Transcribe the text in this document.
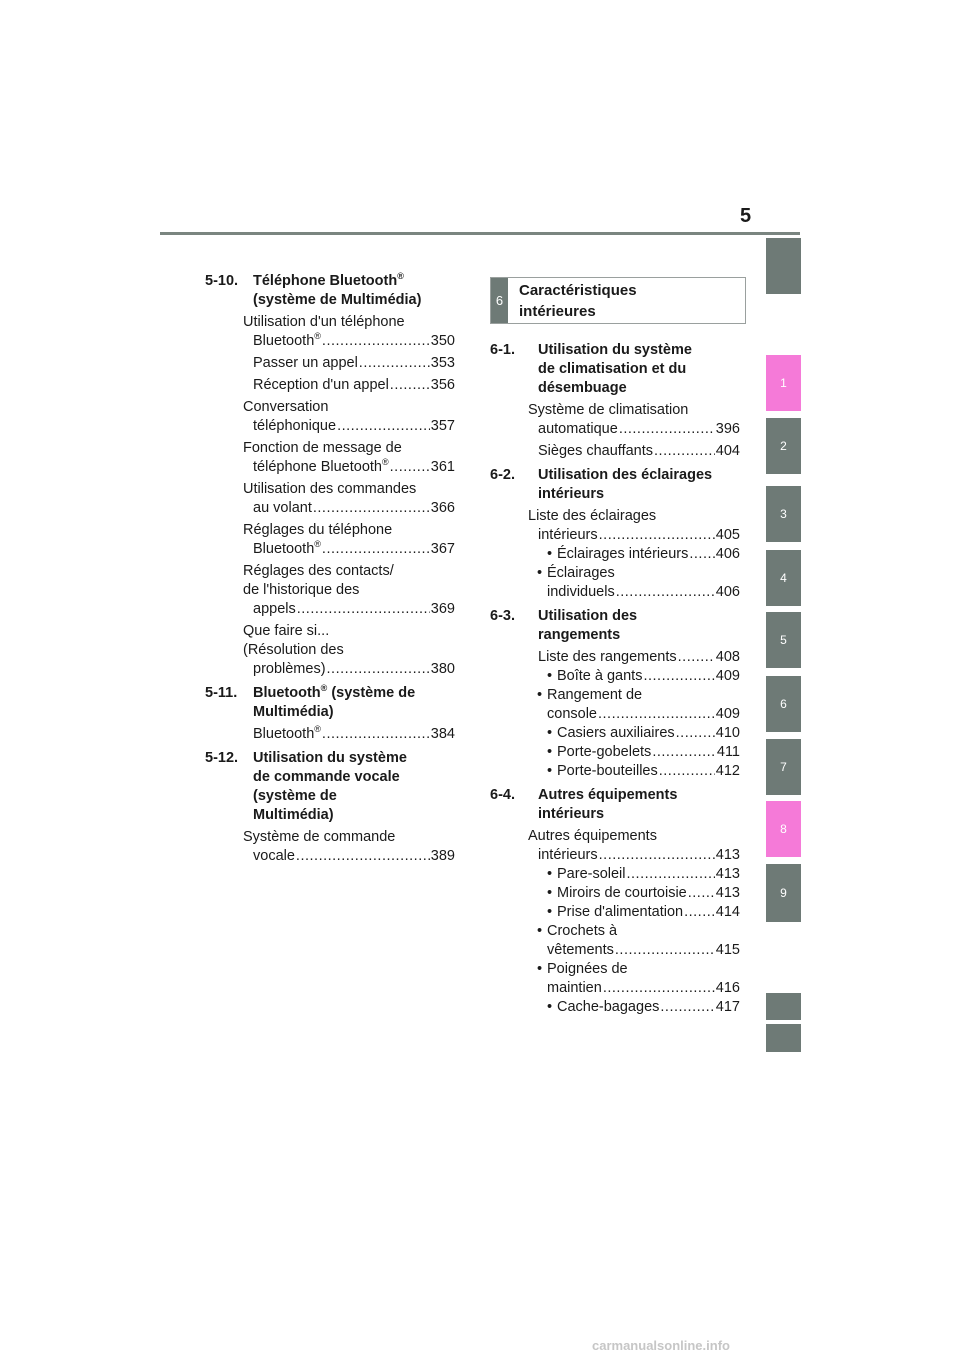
5
1
2
3
4
5
6
7
8
9
5-10. Téléphone Bluetooth®
(système de Multimédia)
Utilisation d'un téléphone
Bluetooth® .....	350
Passer un appel .....	353
Réception d'un appel .....	356
Conversation
téléphonique .....	357
Fonction de message de
téléphone Bluetooth® .....	361
Utilisation des commandes
au volant .....	366
Réglages du téléphone
Bluetooth® .....	367
Réglages des contacts/
de l'historique des
appels .....	369
Que faire si...
(Résolution des
problèmes) .....	380
5-11. Bluetooth® (système de
Multimédia)
Bluetooth® .....	384
5-12. Utilisation du système
de commande vocale
(système de
Multimédia)
Système de commande
vocale .....	389
6
Caractéristiques
intérieures
6-1. Utilisation du système
de climatisation et du
désembuage
Système de climatisation
automatique .....	396
Sièges chauffants .....	404
6-2. Utilisation des éclairages
intérieurs
Liste des éclairages
intérieurs .....	405
• Éclairages intérieurs ..... 406
• Éclairages
individuels .....	406
6-3. Utilisation des
rangements
Liste des rangements .....	408
• Boîte à gants .....	409
• Rangement de
console .....	409
• Casiers auxiliaires .....	410
• Porte-gobelets .....	411
• Porte-bouteilles .....	412
6-4. Autres équipements
intérieurs
Autres équipements
intérieurs .....	413
• Pare-soleil .....	413
• Miroirs de courtoisie ..... 413
• Prise d'alimentation ..... 414
• Crochets à
vêtements .....	415
• Poignées de
maintien .....	416
• Cache-bagages .....	417
carmanualsonline.info
